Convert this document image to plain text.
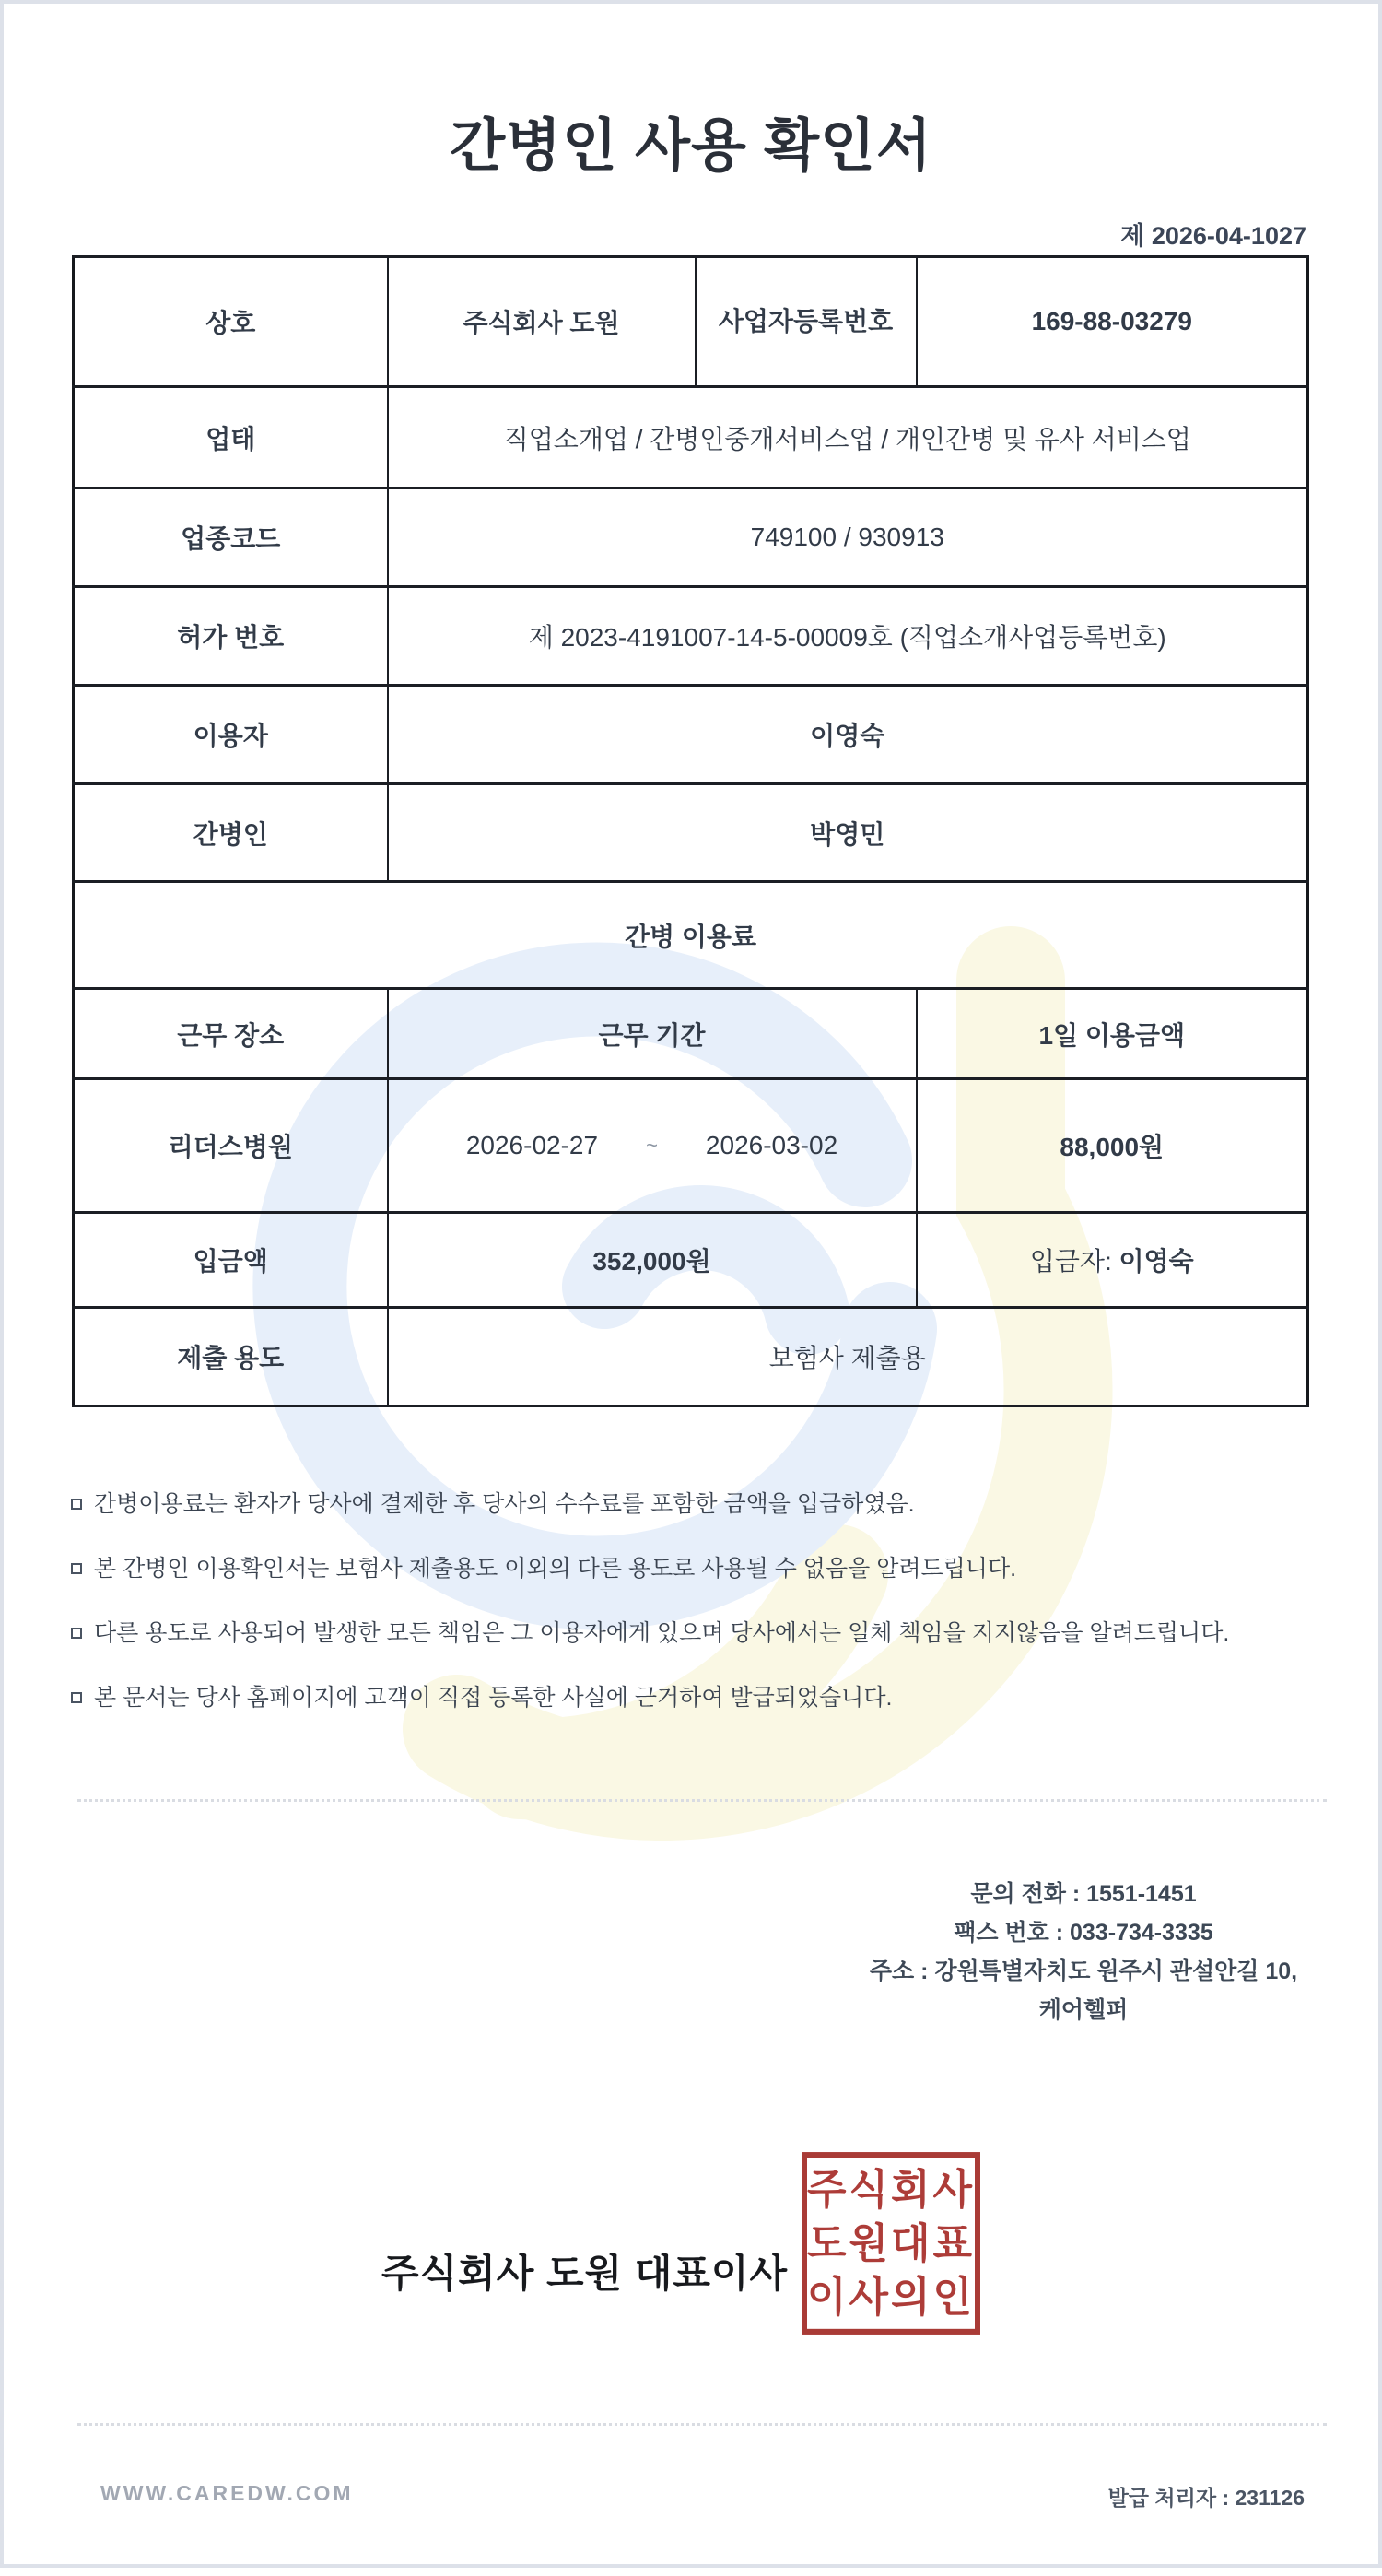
간병인 사용 확인서
제 2026-04-1027
상호	주식회사 도원	사업자등록번호	169-88-03279
업태	직업소개업 / 간병인중개서비스업 / 개인간병 및 유사 서비스업		
업종코드	749100 / 930913		
허가 번호	제 2023-4191007-14-5-00009호 (직업소개사업등록번호)		
이용자	이영숙		
간병인	박영민		
간병 이용료			
근무 장소	근무 기간		1일 이용금액
리더스병원	2026-02-27 ~ 2026-03-02		88,000원
입금액	352,000원		입금자: 이영숙
제출 용도	보험사 제출용		
간병이용료는 환자가 당사에 결제한 후 당사의 수수료를 포함한 금액을 입금하였음.
본 간병인 이용확인서는 보험사 제출용도 이외의 다른 용도로 사용될 수 없음을 알려드립니다.
다른 용도로 사용되어 발생한 모든 책임은 그 이용자에게 있으며 당사에서는 일체 책임을 지지않음을 알려드립니다.
본 문서는 당사 홈페이지에 고객이 직접 등록한 사실에 근거하여 발급되었습니다.
문의 전화 : 1551-1451
팩스 번호 : 033-734-3335
주소 : 강원특별자치도 원주시 관설안길 10, 케어헬퍼
주식회사 도원 대표이사
주식회사
도원대표
이사의인
WWW.CAREDW.COM	발급 처리자 : 231126
